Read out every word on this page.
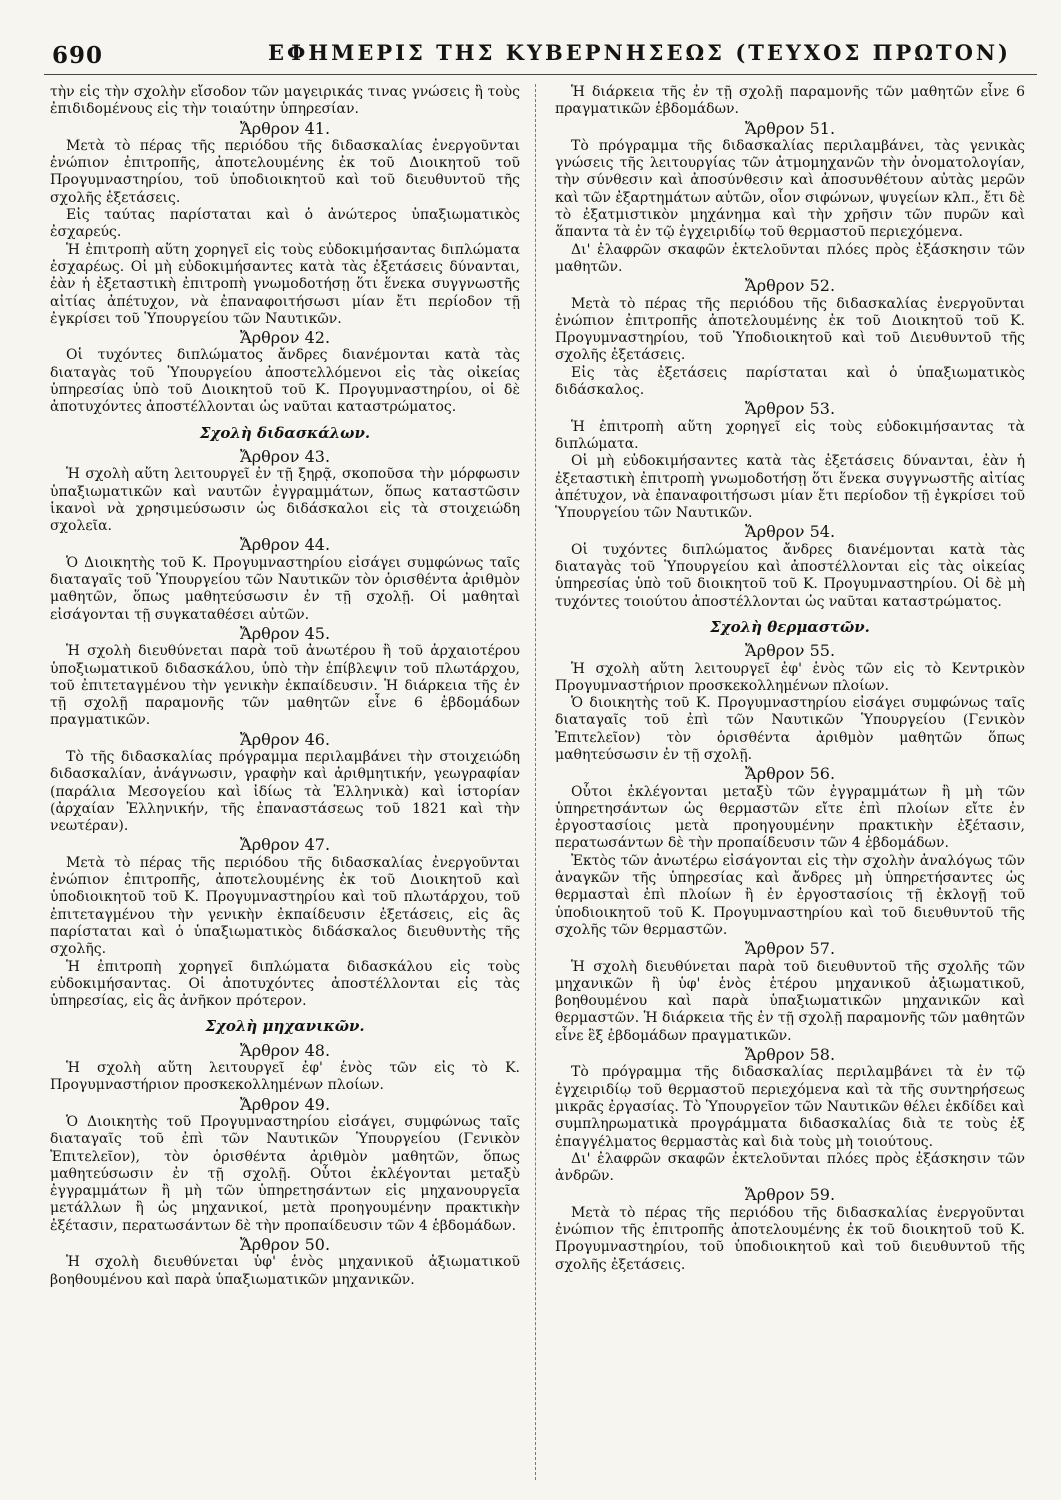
690	ΕΦΗΜΕΡΙΣ ΤΗΣ ΚΥΒΕΡΝΗΣΕΩΣ (ΤΕΥΧΟΣ ΠΡΩΤΟΝ)

τὴν εἰς τὴν σχολὴν εἴσοδον τῶν μαγειρικάς τινας γνώσεις ἢ τοὺς ἐπιδιδομένους εἰς τὴν τοιαύτην ὑπηρεσίαν.

Ἄρθρον 41.

Μετὰ τὸ πέρας τῆς περιόδου τῆς διδασκαλίας ἐνεργοῦνται ἐνώπιον ἐπιτροπῆς, ἀποτελουμένης ἐκ τοῦ Διοικητοῦ τοῦ Προγυμναστηρίου, τοῦ ὑποδιοικητοῦ καὶ τοῦ διευθυντοῦ τῆς σχολῆς ἐξετάσεις.

Εἰς ταύτας παρίσταται καὶ ὁ ἀνώτερος ὑπαξιωματικὸς ἐσχαρεύς.

Ἡ ἐπιτροπὴ αὕτη χορηγεῖ εἰς τοὺς εὐδοκιμήσαντας διπλώματα ἐσχαρέως. Οἱ μὴ εὐδοκιμήσαντες κατὰ τὰς ἐξετάσεις δύνανται, ἐὰν ἡ ἐξεταστικὴ ἐπιτροπὴ γνωμοδοτήσῃ ὅτι ἕνεκα συγγνωστῆς αἰτίας ἀπέτυχον, νὰ ἐπαναφοιτήσωσι μίαν ἔτι περίοδον τῇ ἐγκρίσει τοῦ Ὑπουργείου τῶν Ναυτικῶν.

Ἄρθρον 42.

Οἱ τυχόντες διπλώματος ἄνδρες διανέμονται κατὰ τὰς διαταγὰς τοῦ Ὑπουργείου ἀποστελλόμενοι εἰς τὰς οἰκείας ὑπηρεσίας ὑπὸ τοῦ Διοικητοῦ τοῦ Κ. Προγυμναστηρίου, οἱ δὲ ἀποτυχόντες ἀποστέλλονται ὡς ναῦται καταστρώματος.

Σχολὴ διδασκάλων.
Ἄρθρον 43.

Ἡ σχολὴ αὕτη λειτουργεῖ ἐν τῇ ξηρᾷ, σκοποῦσα τὴν μόρφωσιν ὑπαξιωματικῶν καὶ ναυτῶν ἐγγραμμάτων, ὅπως καταστῶσιν ἱκανοὶ νὰ χρησιμεύσωσιν ὡς διδάσκαλοι εἰς τὰ στοιχειώδη σχολεῖα.

Ἄρθρον 44.

Ὁ Διοικητὴς τοῦ Κ. Προγυμναστηρίου εἰσάγει συμφώνως ταῖς διαταγαῖς τοῦ Ὑπουργείου τῶν Ναυτικῶν τὸν ὁρισθέντα ἀριθμὸν μαθητῶν, ὅπως μαθητεύσωσιν ἐν τῇ σχολῇ. Οἱ μαθηταὶ εἰσάγονται τῇ συγκαταθέσει αὐτῶν.

Ἄρθρον 45.

Ἡ σχολὴ διευθύνεται παρὰ τοῦ ἀνωτέρου ἢ τοῦ ἀρχαιοτέρου ὑποξιωματικοῦ διδασκάλου, ὑπὸ τὴν ἐπίβλεψιν τοῦ πλωτάρχου, τοῦ ἐπιτεταγμένου τὴν γενικὴν ἐκπαίδευσιν. Ἡ διάρκεια τῆς ἐν τῇ σχολῇ παραμονῆς τῶν μαθητῶν εἶνε 6 ἑβδομάδων πραγματικῶν.

Ἄρθρον 46.

Τὸ τῆς διδασκαλίας πρόγραμμα περιλαμβάνει τὴν στοιχειώδη διδασκαλίαν, ἀνάγνωσιν, γραφὴν καὶ ἀριθμητικήν, γεωγραφίαν (παράλια Μεσογείου καὶ ἰδίως τὰ Ἑλληνικὰ) καὶ ἱστορίαν (ἀρχαίαν Ἑλληνικήν, τῆς ἐπαναστάσεως τοῦ 1821 καὶ τὴν νεωτέραν).

Ἄρθρον 47.

Μετὰ τὸ πέρας τῆς περιόδου τῆς διδασκαλίας ἐνεργοῦνται ἐνώπιον ἐπιτροπῆς, ἀποτελουμένης ἐκ τοῦ Διοικητοῦ καὶ ὑποδιοικητοῦ τοῦ Κ. Προγυμναστηρίου καὶ τοῦ πλωτάρχου, τοῦ ἐπιτεταγμένου τὴν γενικὴν ἐκπαίδευσιν ἐξετάσεις, εἰς ἃς παρίσταται καὶ ὁ ὑπαξιωματικὸς διδάσκαλος διευθυντὴς τῆς σχολῆς.

Ἡ ἐπιτροπὴ χορηγεῖ διπλώματα διδασκάλου εἰς τοὺς εὐδοκιμήσαντας. Οἱ ἀποτυχόντες ἀποστέλλονται εἰς τὰς ὑπηρεσίας, εἰς ἃς ἀνῆκον πρότερον.

Σχολὴ μηχανικῶν.
Ἄρθρον 48.

Ἡ σχολὴ αὕτη λειτουργεῖ ἐφ' ἑνὸς τῶν εἰς τὸ Κ. Προγυμναστήριον προσκεκολλημένων πλοίων.

Ἄρθρον 49.

Ὁ Διοικητὴς τοῦ Προγυμναστηρίου εἰσάγει, συμφώνως ταῖς διαταγαῖς τοῦ ἐπὶ τῶν Ναυτικῶν Ὑπουργείου (Γενικὸν Ἐπιτελεῖον), τὸν ὁρισθέντα ἀριθμὸν μαθητῶν, ὅπως μαθητεύσωσιν ἐν τῇ σχολῇ. Οὗτοι ἐκλέγονται μεταξὺ ἐγγραμμάτων ἢ μὴ τῶν ὑπηρετησάντων εἰς μηχανουργεῖα μετάλλων ἢ ὡς μηχανικοί, μετὰ προηγουμένην πρακτικὴν ἐξέτασιν, περατωσάντων δὲ τὴν προπαίδευσιν τῶν 4 ἑβδομάδων.

Ἄρθρον 50.

Ἡ σχολὴ διευθύνεται ὑφ' ἑνὸς μηχανικοῦ ἀξιωματικοῦ βοηθουμένου καὶ παρὰ ὑπαξιωματικῶν μηχανικῶν.

Ἡ διάρκεια τῆς ἐν τῇ σχολῇ παραμονῆς τῶν μαθητῶν εἶνε 6 πραγματικῶν ἑβδομάδων.

Ἄρθρον 51.

Τὸ πρόγραμμα τῆς διδασκαλίας περιλαμβάνει, τὰς γενικὰς γνώσεις τῆς λειτουργίας τῶν ἀτμομηχανῶν τὴν ὀνοματολογίαν, τὴν σύνθεσιν καὶ ἀποσύνθεσιν καὶ ἀποσυνθέτουν αὐτὰς μερῶν καὶ τῶν ἐξαρτημάτων αὐτῶν, οἷον σιφώνων, ψυγείων κλπ., ἔτι δὲ τὸ ἐξατμιστικὸν μηχάνημα καὶ τὴν χρῆσιν τῶν πυρῶν καὶ ἅπαντα τὰ ἐν τῷ ἐγχειριδίῳ τοῦ θερμαστοῦ περιεχόμενα.

Δι' ἐλαφρῶν σκαφῶν ἐκτελοῦνται πλόες πρὸς ἐξάσκησιν τῶν μαθητῶν.

Ἄρθρον 52.

Μετὰ τὸ πέρας τῆς περιόδου τῆς διδασκαλίας ἐνεργοῦνται ἐνώπιον ἐπιτροπῆς ἀποτελουμένης ἐκ τοῦ Διοικητοῦ τοῦ Κ. Προγυμναστηρίου, τοῦ Ὑποδιοικητοῦ καὶ τοῦ Διευθυντοῦ τῆς σχολῆς ἐξετάσεις.

Εἰς τὰς ἐξετάσεις παρίσταται καὶ ὁ ὑπαξιωματικὸς διδάσκαλος.

Ἄρθρον 53.

Ἡ ἐπιτροπὴ αὕτη χορηγεῖ εἰς τοὺς εὐδοκιμήσαντας τὰ διπλώματα.

Οἱ μὴ εὐδοκιμήσαντες κατὰ τὰς ἐξετάσεις δύνανται, ἐὰν ἡ ἐξεταστικὴ ἐπιτροπὴ γνωμοδοτήσῃ ὅτι ἕνεκα συγγνωστῆς αἰτίας ἀπέτυχον, νὰ ἐπαναφοιτήσωσι μίαν ἔτι περίοδον τῇ ἐγκρίσει τοῦ Ὑπουργείου τῶν Ναυτικῶν.

Ἄρθρον 54.

Οἱ τυχόντες διπλώματος ἄνδρες διανέμονται κατὰ τὰς διαταγὰς τοῦ Ὑπουργείου καὶ ἀποστέλλονται εἰς τὰς οἰκείας ὑπηρεσίας ὑπὸ τοῦ διοικητοῦ τοῦ Κ. Προγυμναστηρίου. Οἱ δὲ μὴ τυχόντες τοιούτου ἀποστέλλονται ὡς ναῦται καταστρώματος.

Σχολὴ θερμαστῶν.
Ἄρθρον 55.

Ἡ σχολὴ αὕτη λειτουργεῖ ἐφ' ἑνὸς τῶν εἰς τὸ Κεντρικὸν Προγυμναστήριον προσκεκολλημένων πλοίων.

Ὁ διοικητὴς τοῦ Κ. Προγυμναστηρίου εἰσάγει συμφώνως ταῖς διαταγαῖς τοῦ ἐπὶ τῶν Ναυτικῶν Ὑπουργείου (Γενικὸν Ἐπιτελεῖον) τὸν ὁρισθέντα ἀριθμὸν μαθητῶν ὅπως μαθητεύσωσιν ἐν τῇ σχολῇ.

Ἄρθρον 56.

Οὗτοι ἐκλέγονται μεταξὺ τῶν ἐγγραμμάτων ἢ μὴ τῶν ὑπηρετησάντων ὡς θερμαστῶν εἴτε ἐπὶ πλοίων εἴτε ἐν ἐργοστασίοις μετὰ προηγουμένην πρακτικὴν ἐξέτασιν, περατωσάντων δὲ τὴν προπαίδευσιν τῶν 4 ἑβδομάδων.

Ἐκτὸς τῶν ἀνωτέρω εἰσάγονται εἰς τὴν σχολὴν ἀναλόγως τῶν ἀναγκῶν τῆς ὑπηρεσίας καὶ ἄνδρες μὴ ὑπηρετήσαντες ὡς θερμασταὶ ἐπὶ πλοίων ἢ ἐν ἐργοστασίοις τῇ ἐκλογῇ τοῦ ὑποδιοικητοῦ τοῦ Κ. Προγυμναστηρίου καὶ τοῦ διευθυντοῦ τῆς σχολῆς τῶν θερμαστῶν.

Ἄρθρον 57.

Ἡ σχολὴ διευθύνεται παρὰ τοῦ διευθυντοῦ τῆς σχολῆς τῶν μηχανικῶν ἢ ὑφ' ἑνὸς ἑτέρου μηχανικοῦ ἀξιωματικοῦ, βοηθουμένου καὶ παρὰ ὑπαξιωματικῶν μηχανικῶν καὶ θερμαστῶν. Ἡ διάρκεια τῆς ἐν τῇ σχολῇ παραμονῆς τῶν μαθητῶν εἶνε ἓξ ἑβδομάδων πραγματικῶν.

Ἄρθρον 58.

Τὸ πρόγραμμα τῆς διδασκαλίας περιλαμβάνει τὰ ἐν τῷ ἐγχειριδίῳ τοῦ θερμαστοῦ περιεχόμενα καὶ τὰ τῆς συντηρήσεως μικρᾶς ἐργασίας. Τὸ Ὑπουργεῖον τῶν Ναυτικῶν θέλει ἐκδίδει καὶ συμπληρωματικὰ προγράμματα διδασκαλίας διὰ τε τοὺς ἐξ ἐπαγγέλματος θερμαστὰς καὶ διὰ τοὺς μὴ τοιούτους.

Δι' ἐλαφρῶν σκαφῶν ἐκτελοῦνται πλόες πρὸς ἐξάσκησιν τῶν ἀνδρῶν.

Ἄρθρον 59.

Μετὰ τὸ πέρας τῆς περιόδου τῆς διδασκαλίας ἐνεργοῦνται ἐνώπιον τῆς ἐπιτροπῆς ἀποτελουμένης ἐκ τοῦ διοικητοῦ τοῦ Κ. Προγυμναστηρίου, τοῦ ὑποδιοικητοῦ καὶ τοῦ διευθυντοῦ τῆς σχολῆς ἐξετάσεις.
